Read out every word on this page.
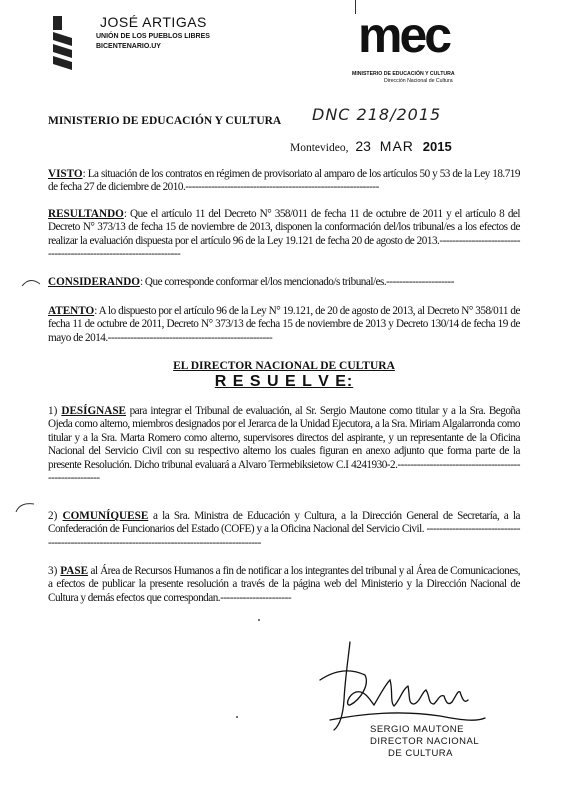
JOSÉ ARTIGAS
UNIÓN DE LOS PUEBLOS LIBRES
BICENTENARIO.UY	mec
MINISTERIO DE EDUCACIÓN Y CULTURA
Dirección Nacional de Cultura
MINISTERIO DE EDUCACIÓN Y CULTURA DNC 218/2015
Montevideo, 23 MAR 2015
VISTO: La situación de los contratos en régimen de provisoriato al amparo de los artículos 50 y 53 de la Ley 18.719 de fecha 27 de diciembre de 2010.------------------------------------------------------------
RESULTANDO: Que el artículo 11 del Decreto N° 358/011 de fecha 11 de octubre de 2011 y el artículo 8 del Decreto N° 373/13 de fecha 15 de noviembre de 2013, disponen la conformación del/los tribunal/es a los efectos de realizar la evaluación dispuesta por el artículo 96 de la Ley 19.121 de fecha 20 de agosto de 2013.------------------------------------------------------------------
CONSIDERANDO: Que corresponde conformar el/los mencionado/s tribunal/es.---------------------
ATENTO: A lo dispuesto por el artículo 96 de la Ley N° 19.121, de 20 de agosto de 2013, al Decreto N° 358/011 de fecha 11 de octubre de 2011, Decreto N° 373/13 de fecha 15 de noviembre de 2013 y Decreto 130/14 de fecha 19 de mayo de 2014.---------------------------------------------------
EL DIRECTOR NACIONAL DE CULTURA
R E S U E L V E:
1) DESÍGNASE para integrar el Tribunal de evaluación, al Sr. Sergio Mautone como titular y a la Sra. Begoña Ojeda como alterno, miembros designados por el Jerarca de la Unidad Ejecutora, a la Sra. Miriam Algalarronda como titular y a la Sra. Marta Romero como alterno, supervisores directos del aspirante, y un representante de la Oficina Nacional del Servicio Civil con su respectivo alterno los cuales figuran en anexo adjunto que forma parte de la presente Resolución. Dicho tribunal evaluará a Alvaro Termebiksietow C.I 4241930-2.------------------------------------------------------
2) COMUNÍQUESE a la Sra. Ministra de Educación y Cultura, a la Dirección General de Secretaría, a la Confederación de Funcionarios del Estado (COFE) y a la Oficina Nacional del Servicio Civil. -----------------------------------------------------------------------------------------------
3) PASE al Área de Recursos Humanos a fin de notificar a los integrantes del tribunal y al Área de Comunicaciones, a efectos de publicar la presente resolución a través de la página web del Ministerio y la Dirección Nacional de Cultura y demás efectos que correspondan.----------------------
SERGIO MAUTONE
DIRECTOR NACIONAL
DE CULTURA
